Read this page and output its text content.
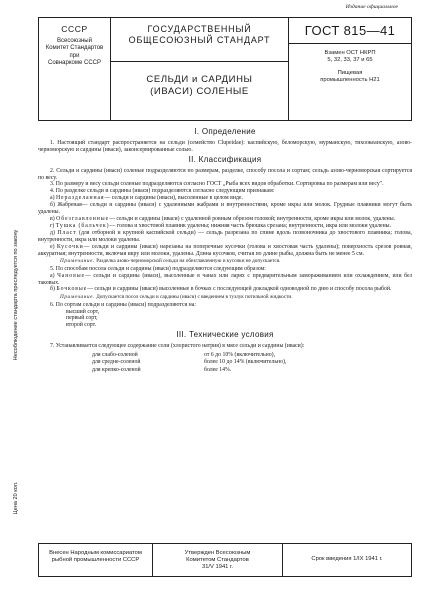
Издание официальное
СССР
Всесоюзный
Комитет Стандартов
при
Совнаркоме СССР
ГОСУДАРСТВЕННЫЙ
ОБЩЕСОЮЗНЫЙ СТАНДАРТ
СЕЛЬДИ и САРДИНЫ
(ИВАСИ) СОЛЕНЫЕ
ГОСТ 815—41
Взамен ОСТ НКРП
5, 32, 33, 37 и 65
Пищевая
промышленность Н21
Несоблюдение стандарта преследуется по закону
Цена 20 коп.
I. Определение
1. Настоящий стандарт распространяется на сельди (семейство Clupeidae): каспийскую, беломорскую, мурманскую, тихоокеанскую, азово-черноморскую и сардины (иваси), законсервированные солью.
II. Классификация
2. Сельди и сардины (иваси) соленые подразделяются по размерам, разделке, способу посола и сортам; сельдь азово-черноморская сортируется по весу.
3. По размеру и весу сельди соленые подразделяются согласно ГОСТ „Рыба всех видов обработки. Сортировка по размерам или весу".
4. По разделке сельди и сардины (иваси) подразделяются согласно следующим признакам:
а) Неразделанная— сельди и сардины (иваси), высоленные в целом виде.
б) Жабреная— сельди и сардины (иваси) с удаленными жабрами и внутренностями, кроме икры или молок. Грудные плавники могут быть удалены.
в) Обезглавленные— сельди и сардины (иваси) с удаленной ровным обрезом головой; внутренности, кроме икры или молок, удалены.
г) Тушка (бальчек)— голова и хвостовой плавник удалены; нижняя часть брюшка срезана; внутренности, икра или молоки удалены.
д) Пласт (для отборной и крупной каспийской сельди) — сельдь разрезана по спине вдоль позвоночника до хвостового плавника; голова, внутренности, икра или молоки удалены.
е) Кусочки— сельди и сардины (иваси) нарезаны на поперечные кусочки (голова и хвостовая часть удалены); поверхность срезов ровная, аккуратная; внутренности, включая икру или молоки, удалены. Длина кусочков, считая по длине рыбы, должна быть не менее 5 см.
Примечание. Разделка азово-черноморской сельди на обезглавленную и кусочки не допускается.
5. По способам посола сельди и сардины (иваси) подразделяются следующим образом:
а) Чановые— сельди и сардины (иваси), высоленные в чанах или ларях с предварительным замораживанием или охлаждением, или без таковых.
б) Бочковые— сельди и сардины (иваси) высоленные в бочках с последующей докладкой одноводной по дню и способу посола рыбой.
Примечание. Допускается посол сельди и сардины (иваси) с введением в тузлук потильной жидкости.
6. По сортам сельди и сардины (иваси) подразделяются на:
высший сорт,
первый сорт,
второй сорт.
III. Технические условия
7. Устанавливается следующее содержание соли (хлористого натрия) в мясе сельди и сардины (иваси):
для слабо-соленой	от 6 до 10% (включительно),
для средне-соленой	более 10 до 14% (включительно),
для крепко-соленой	более 14%.
Внесен Народным комиссариатом
рыбной промышленности СССР
Утвержден Всесоюзным
Комитетом Стандартов
31/V 1941 г.
Срок введения 1/IX 1941 г.
